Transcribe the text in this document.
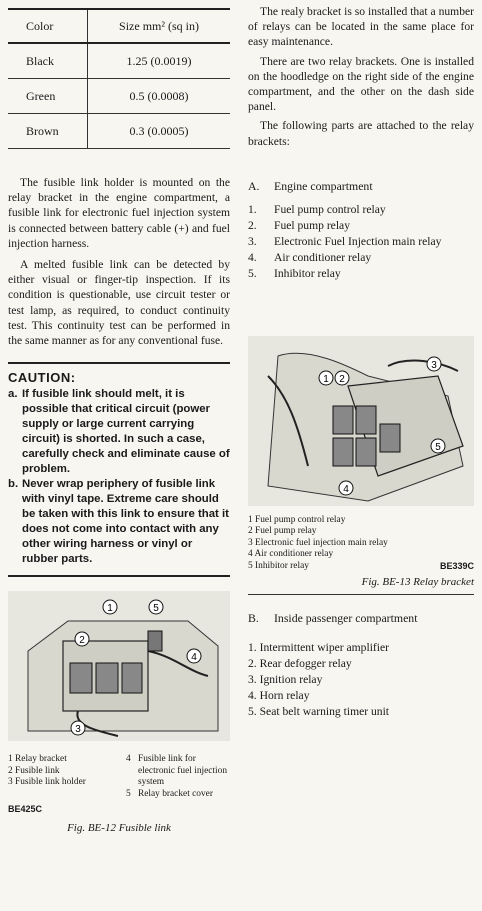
Color	Size mm² (sq in)
Black	1.25 (0.0019)
Green	0.5 (0.0008)
Brown	0.3 (0.0005)

The fusible link holder is mounted on the relay bracket in the engine compartment, a fusible link for electronic fuel injection system is connected between battery cable (+) and fuel injection harness.

A melted fusible link can be detected by either visual or finger-tip inspection. If its condition is questionable, use circuit tester or test lamp, as required, to conduct continuity test. This continuity test can be performed in the same manner as for any conventional fuse.

CAUTION:
a. If fusible link should melt, it is possible that critical circuit (power supply or large current carrying circuit) is shorted. In such a case, carefully check and eliminate cause of problem.
b. Never wrap periphery of fusible link with vinyl tape. Extreme care should be taken with this link to ensure that it does not come into contact with any other wiring harness or vinyl or rubber parts.
1	5
2
4
3
1 Relay bracket
2 Fusible link
3 Fusible link holder
4 Fusible link for electronic fuel injection system
5 Relay bracket cover
BE425C
Fig. BE-12 Fusible link

The realy bracket is so installed that a number of relays can be located in the same place for easy maintenance.

There are two relay brackets. One is installed on the hoodledge on the right side of the engine compartment, and the other on the dash side panel.

The following parts are attached to the relay brackets:

A.	Engine compartment
1.	Fuel pump control relay
2.	Fuel pump relay
3.	Electronic Fuel Injection main relay
4.	Air conditioner relay
5.	Inhibitor relay
1 2
3
4
5
1 Fuel pump control relay
2 Fuel pump relay
3 Electronic fuel injection main relay
4 Air conditioner relay
5 Inhibitor relay	BE339C
Fig. BE-13 Relay bracket
B.	Inside passenger compartment
1. Intermittent wiper amplifier
2. Rear defogger relay
3. Ignition relay
4. Horn relay
5. Seat belt warning timer unit
